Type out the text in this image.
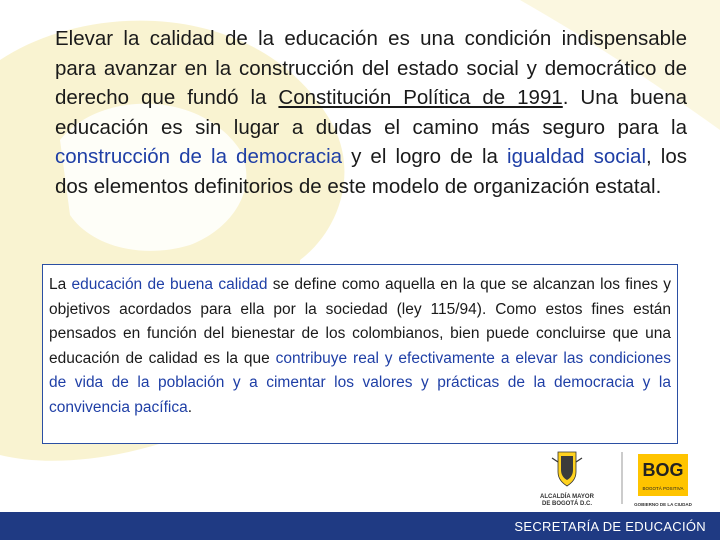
Elevar la calidad de la educación es una condición indispensable para avanzar en la construcción del estado social y democrático de derecho que fundó la Constitución Política de 1991. Una buena educación es sin lugar a dudas el camino más seguro para la construcción de la democracia y el logro de la igualdad social, los dos elementos definitorios de este modelo de organización estatal.
La educación de buena calidad se define como aquella en la que se alcanzan los fines y objetivos acordados para ella por la sociedad (ley 115/94). Como estos fines están pensados en función del bienestar de los colombianos, bien puede concluirse que una educación de calidad es la que contribuye real y efectivamente a elevar las condiciones de vida de la población y a cimentar los valores y prácticas de la democracia y la convivencia pacífica.
ALCALDÍA MAYOR
DE BOGOTÁ D.C.
BOG
BOGOTÁ POSITIVA
GOBIERNO DE LA CIUDAD
SECRETARÍA DE EDUCACIÓN
